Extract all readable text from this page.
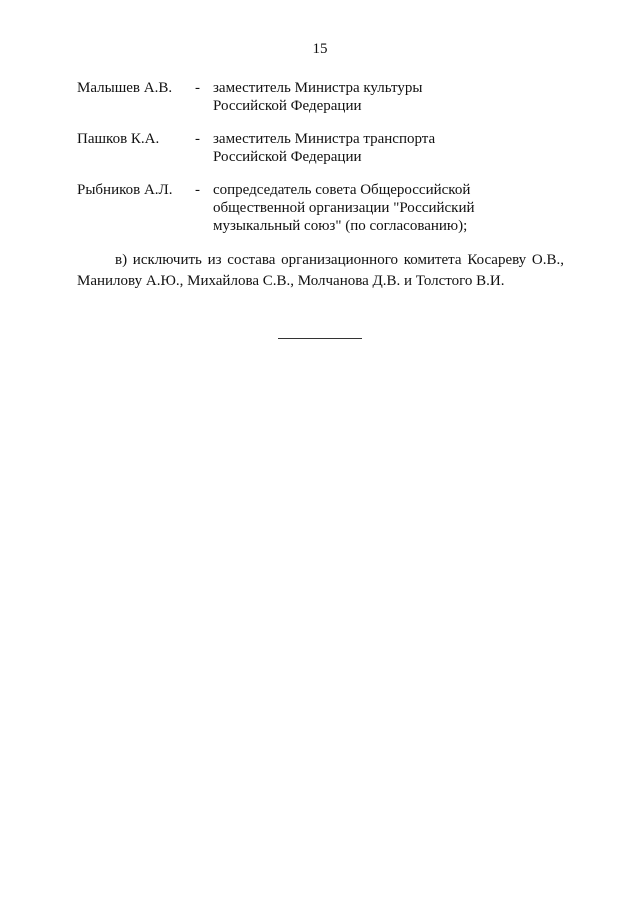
15
Малышев А.В. - заместитель Министра культуры
Российской Федерации
Пашков К.А. - заместитель Министра транспорта
Российской Федерации
Рыбников А.Л. - сопредседатель совета Общероссийской
общественной организации "Российский
музыкальный союз" (по согласованию);
в) исключить из состава организационного комитета Косареву О.В.,
Манилову А.Ю., Михайлова С.В., Молчанова Д.В. и Толстого В.И.
